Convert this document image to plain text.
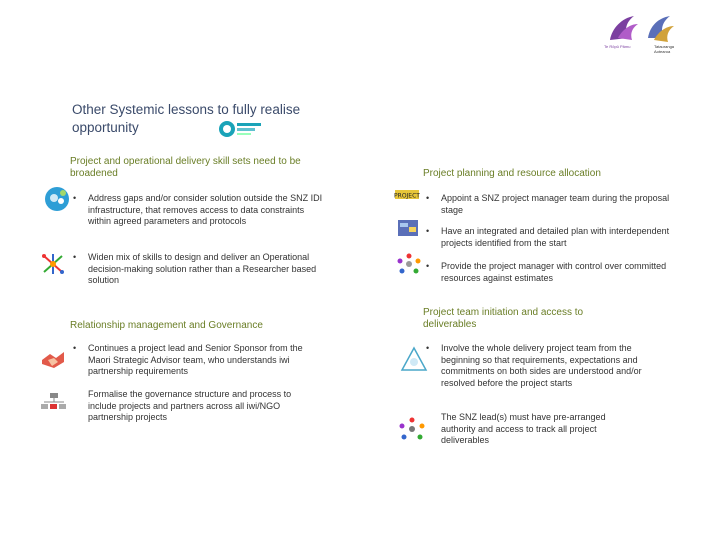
Te Rōpū Pāmu	Tatauranga Aotearoa
Other Systemic lessons to fully realise opportunity
Project and operational delivery skill sets need to be broadened
• Address gaps and/or consider solution outside the SNZ IDI infrastructure, that removes access to data constraints within agreed parameters and protocols
• Widen mix of skills to design and deliver an Operational decision-making solution rather than a Researcher based solution
Relationship management and Governance
• Continues a project lead and Senior Sponsor from the Maori Strategic Advisor team, who understands iwi partnership requirements
Formalise the governance structure and process to include projects and partners across all iwi/NGO partnership projects
Project planning and resource allocation
PROJECT • Appoint a SNZ project manager team during the proposal stage
• Have an integrated and detailed plan with interdependent projects identified from the start
• Provide the project manager with control over committed resources against estimates
Project team initiation and access to deliverables
• Involve the whole delivery project team from the beginning so that requirements, expectations and commitments on both sides are understood and/or resolved before the project starts
The SNZ lead(s) must have pre-arranged authority and access to track all project deliverables
